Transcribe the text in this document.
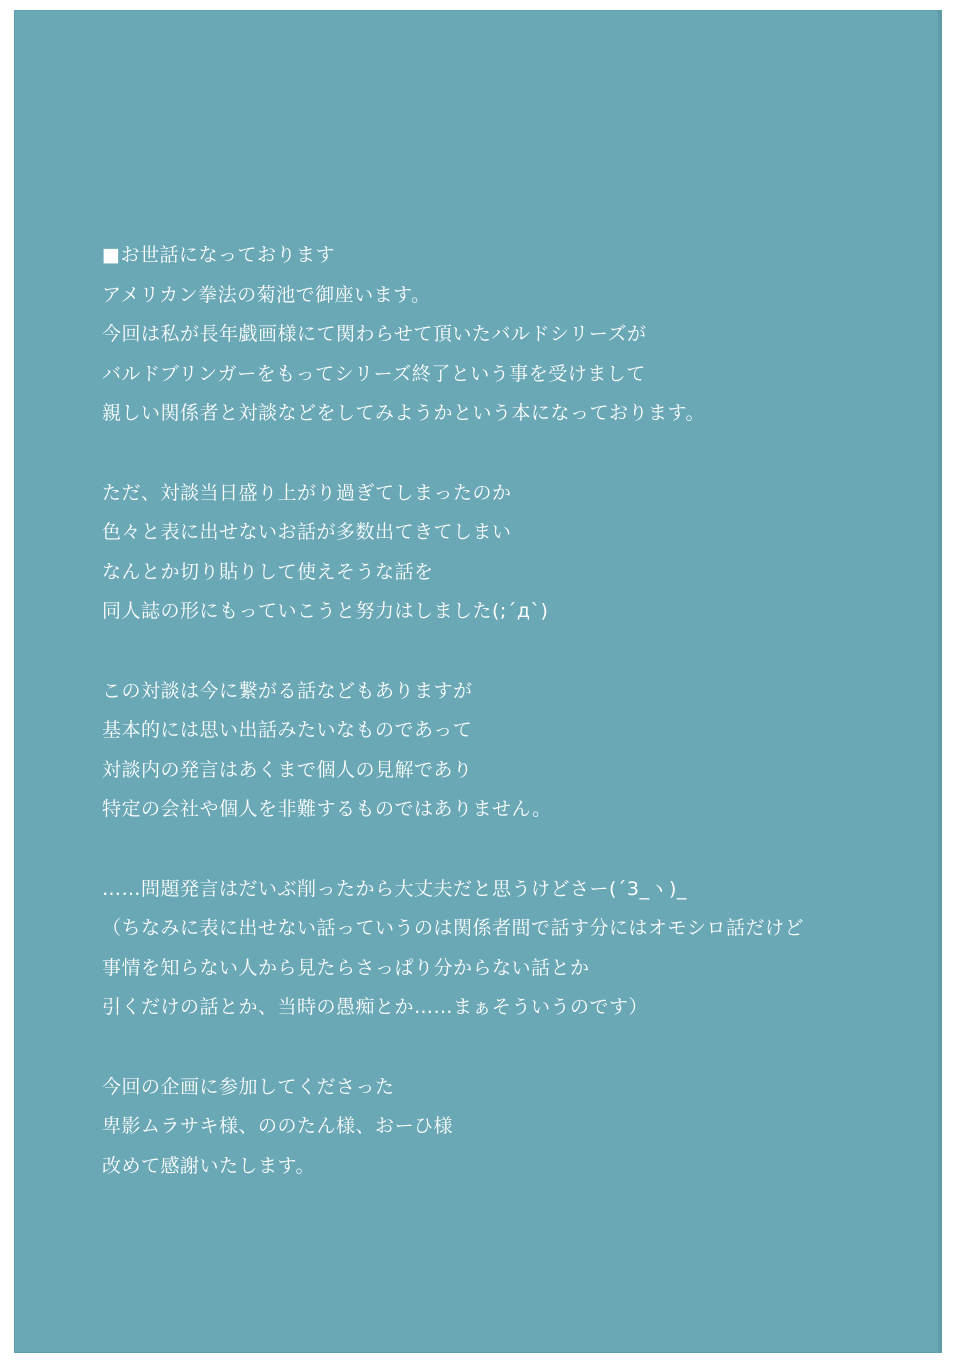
■お世話になっております
アメリカン拳法の菊池で御座います。
今回は私が長年戯画様にて関わらせて頂いたバルドシリーズが
バルドブリンガーをもってシリーズ終了という事を受けまして
親しい関係者と対談などをしてみようかという本になっております。
ただ、対談当日盛り上がり過ぎてしまったのか
色々と表に出せないお話が多数出てきてしまい
なんとか切り貼りして使えそうな話を
同人誌の形にもっていこうと努力はしました(;´д`)
この対談は今に繋がる話などもありますが
基本的には思い出話みたいなものであって
対談内の発言はあくまで個人の見解であり
特定の会社や個人を非難するものではありません。
……問題発言はだいぶ削ったから大丈夫だと思うけどさー(´3_ヽ)_
（ちなみに表に出せない話っていうのは関係者間で話す分にはオモシロ話だけど
事情を知らない人から見たらさっぱり分からない話とか
引くだけの話とか、当時の愚痴とか……まぁそういうのです）
今回の企画に参加してくださった
卑影ムラサキ様、ののたん様、おーひ様
改めて感謝いたします。
